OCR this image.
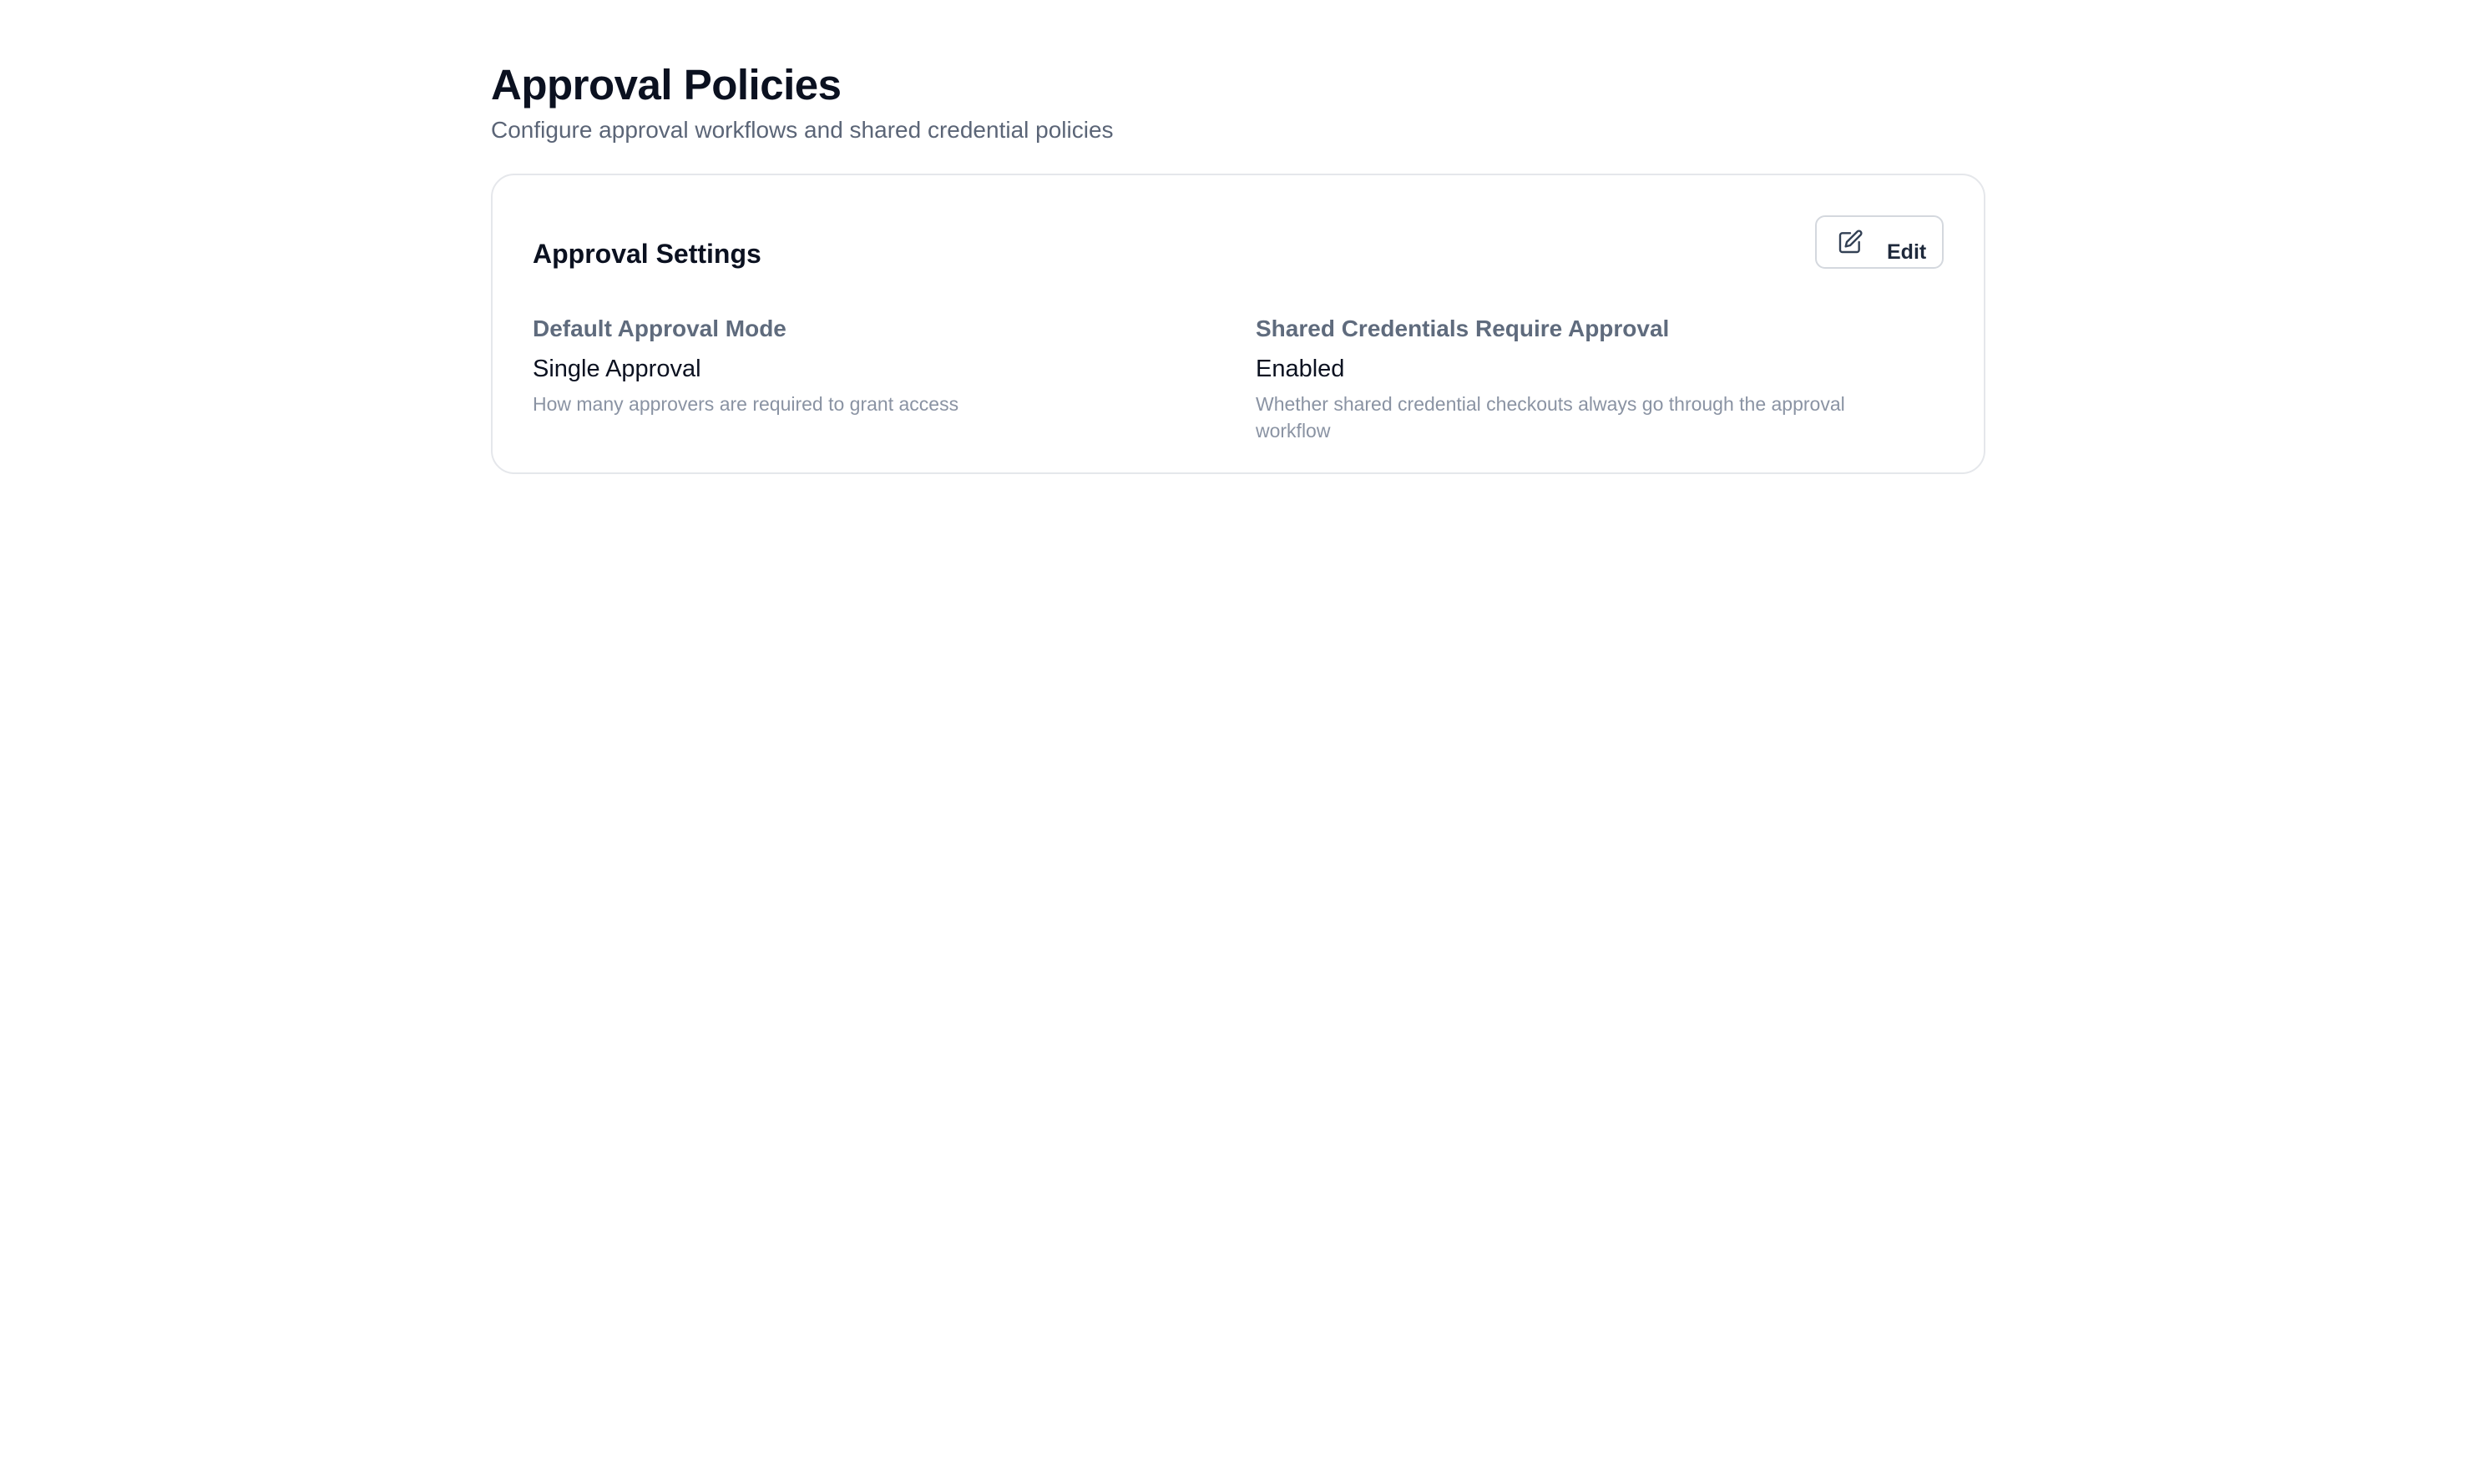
Approval Policies

Configure approval workflows and shared credential policies

Approval Settings	Edit
Default Approval Mode
Single Approval
How many approvers are required to grant access
Shared Credentials Require Approval
Enabled
Whether shared credential checkouts always go through the approval workflow
